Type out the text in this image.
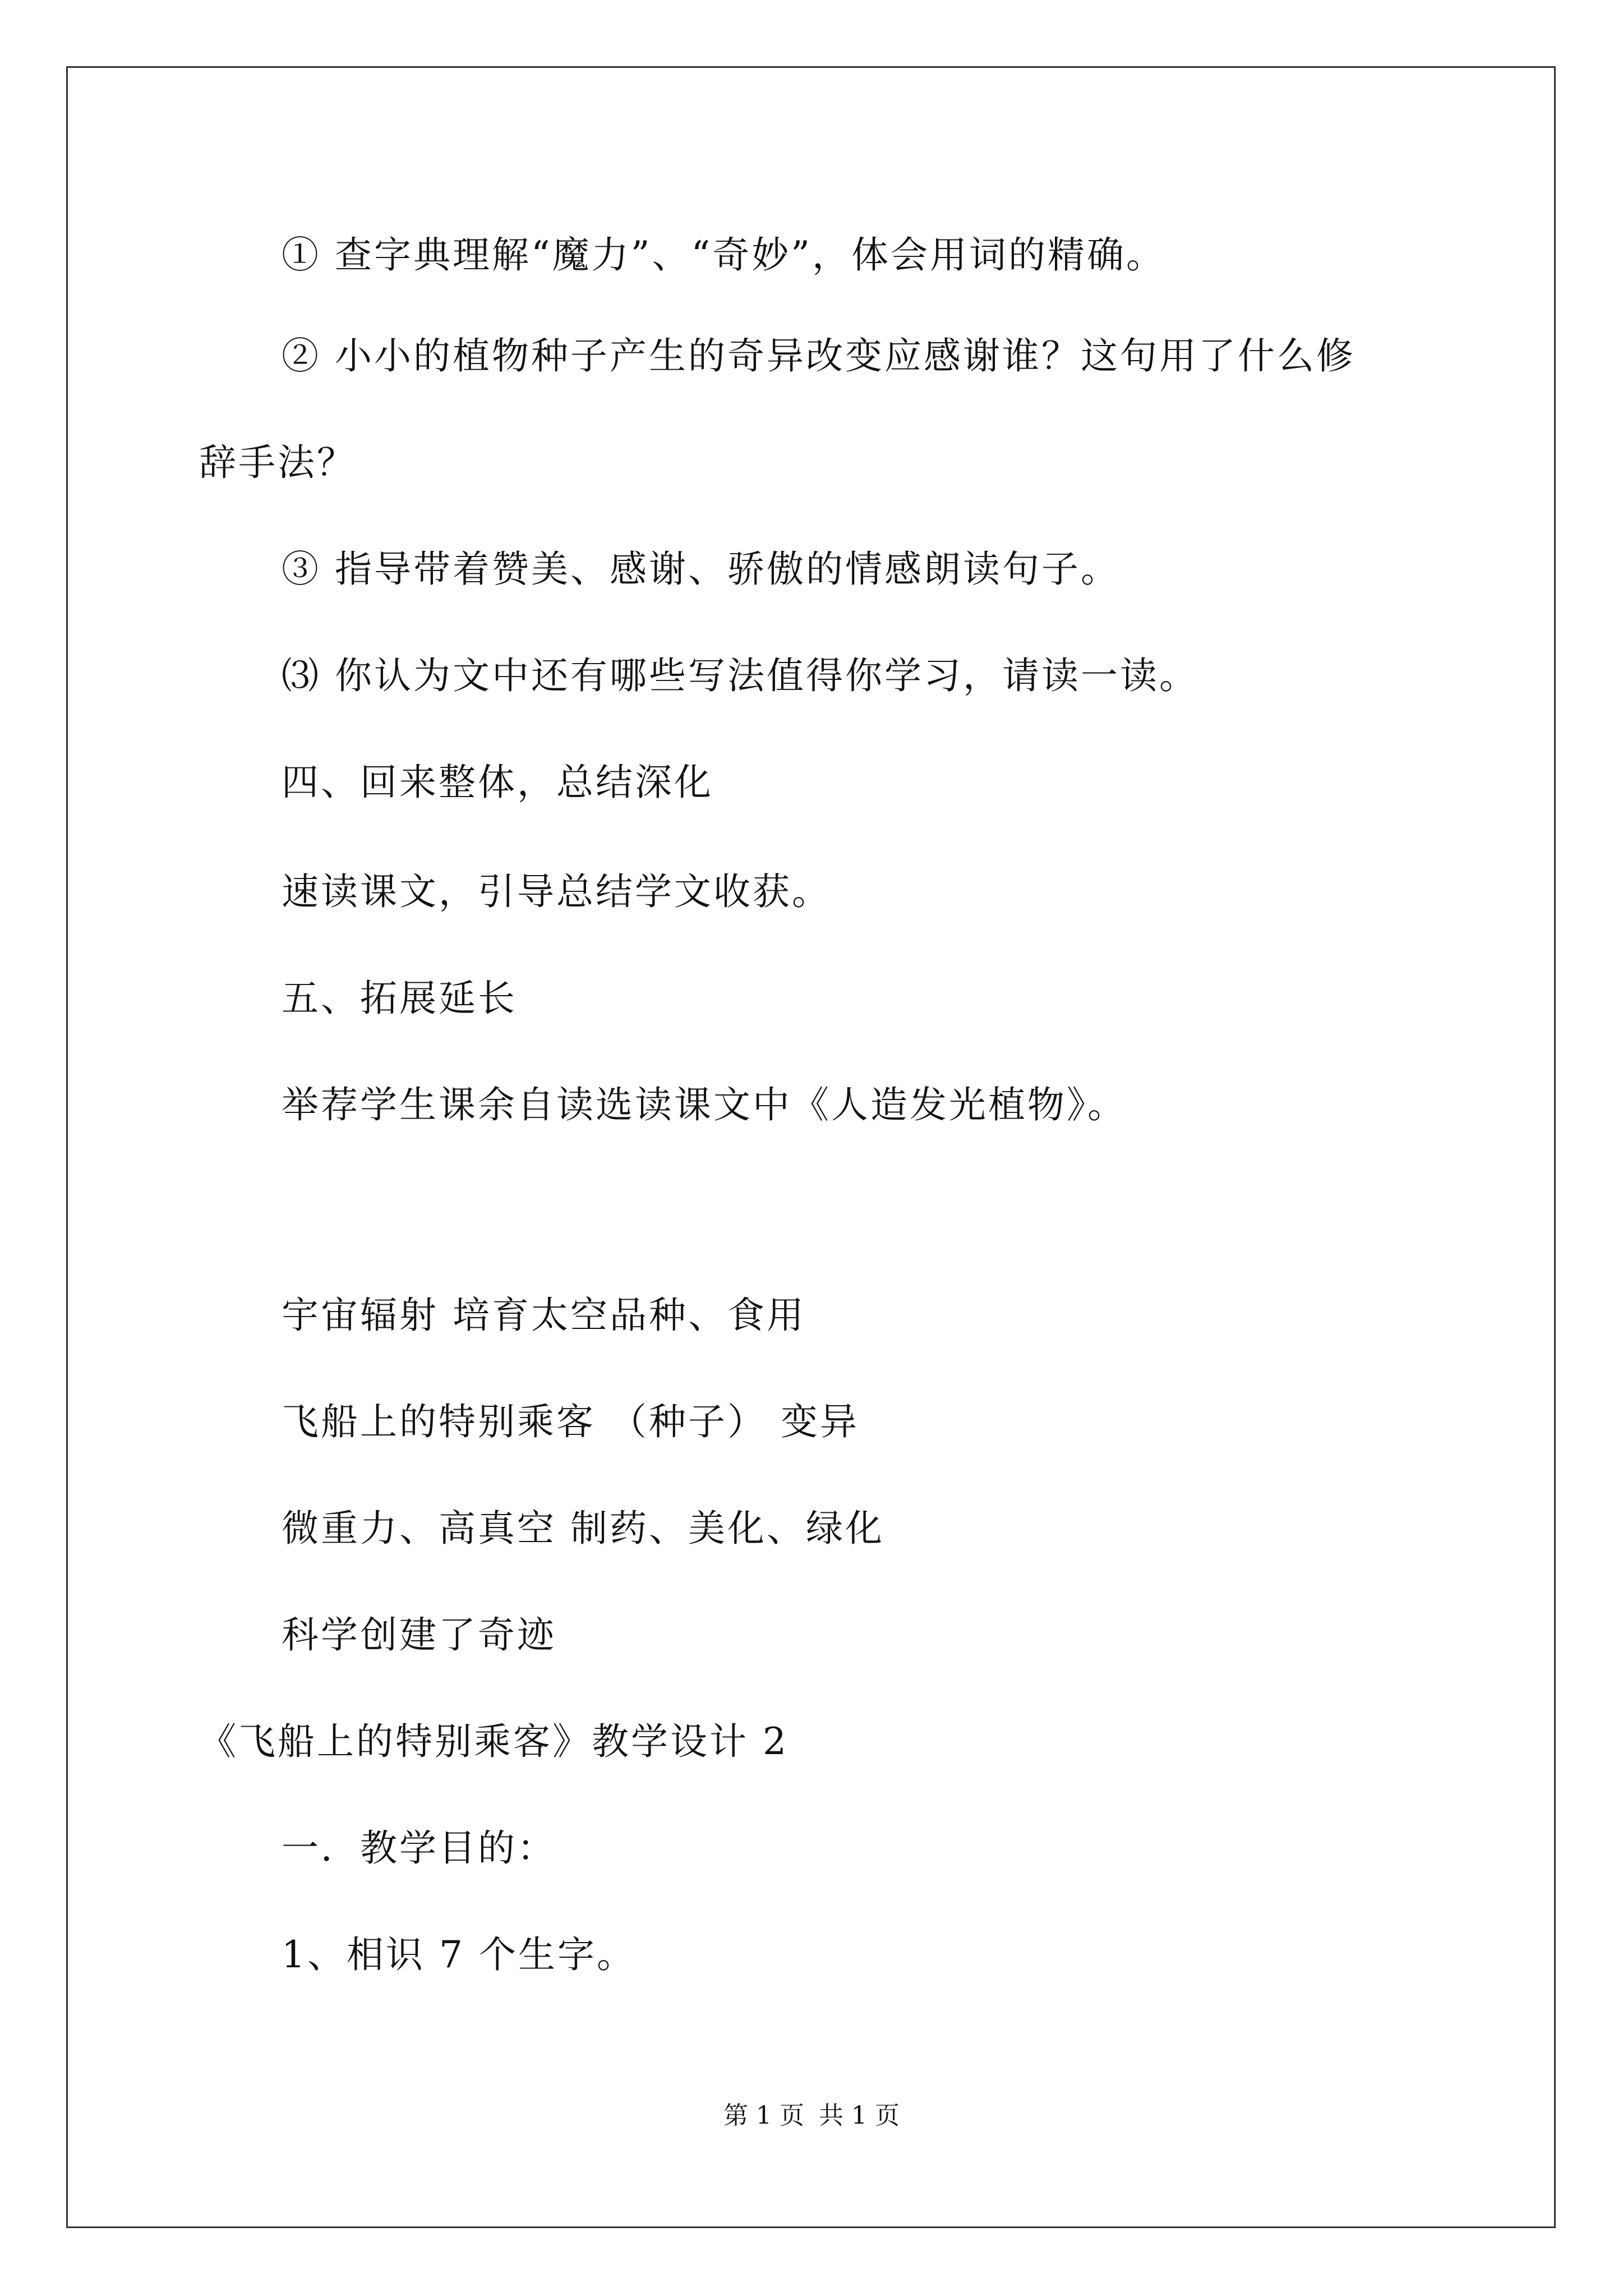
① 查字典理解“魔力”、“奇妙”，体会用词的精确。

② 小小的植物种子产生的奇异改变应感谢谁？这句用了什么修

辞手法？

③ 指导带着赞美、感谢、骄傲的情感朗读句子。

⑶ 你认为文中还有哪些写法值得你学习，请读一读。

四、回来整体，总结深化

速读课文，引导总结学文收获。

五、拓展延长

举荐学生课余自读选读课文中《人造发光植物》。

宇宙辐射 培育太空品种、食用

飞船上的特别乘客 （种子） 变异

微重力、高真空 制药、美化、绿化

科学创建了奇迹

《飞船上的特别乘客》教学设计 2

一．教学目的：

1、相识 7 个生字。

第 1 页 共 1 页
